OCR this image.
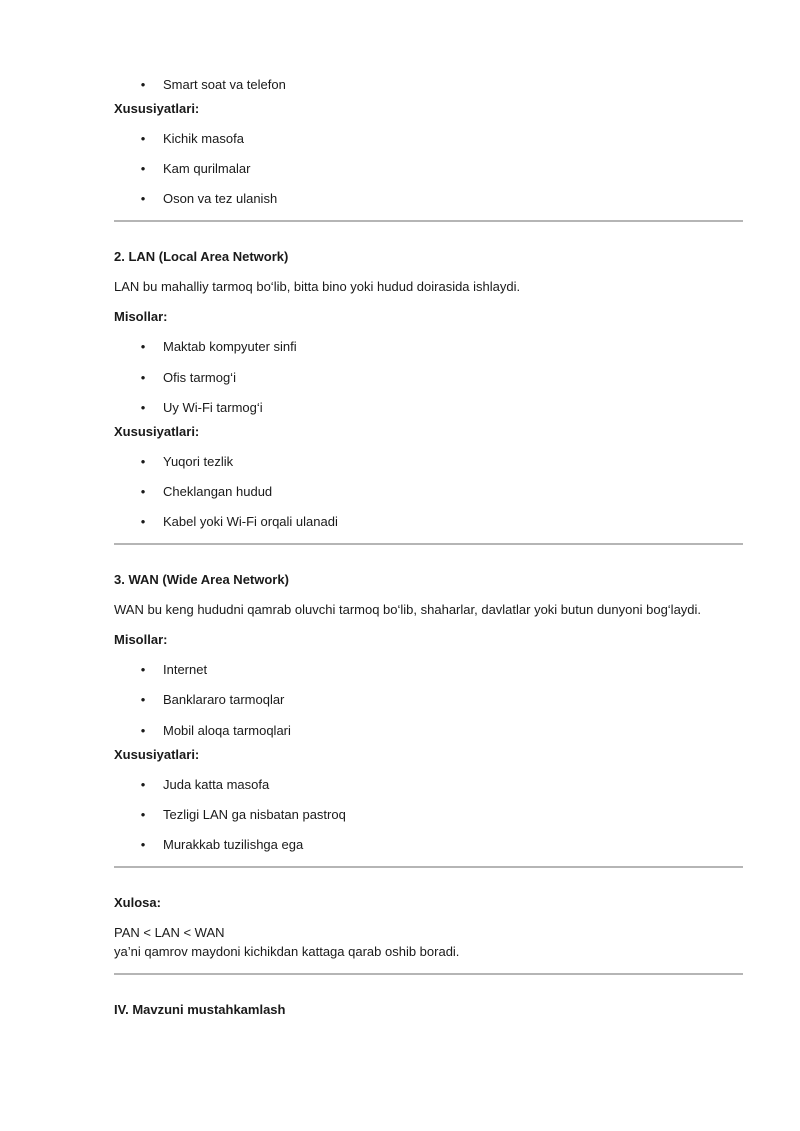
• Smart soat va telefon
Xususiyatlari:
• Kichik masofa
• Kam qurilmalar
• Oson va tez ulanish
2. LAN (Local Area Network)
LAN bu mahalliy tarmoq bo‘lib, bitta bino yoki hudud doirasida ishlaydi.
Misollar:
• Maktab kompyuter sinfi
• Ofis tarmog‘i
• Uy Wi-Fi tarmog‘i
Xususiyatlari:
• Yuqori tezlik
• Cheklangan hudud
• Kabel yoki Wi-Fi orqali ulanadi
3. WAN (Wide Area Network)
WAN bu keng hududni qamrab oluvchi tarmoq bo‘lib, shaharlar, davlatlar yoki butun dunyoni bog‘laydi.
Misollar:
• Internet
• Banklararo tarmoqlar
• Mobil aloqa tarmoqlari
Xususiyatlari:
• Juda katta masofa
• Tezligi LAN ga nisbatan pastroq
• Murakkab tuzilishga ega
Xulosa:
PAN < LAN < WAN
ya’ni qamrov maydoni kichikdan kattaga qarab oshib boradi.
IV. Mavzuni mustahkamlash
